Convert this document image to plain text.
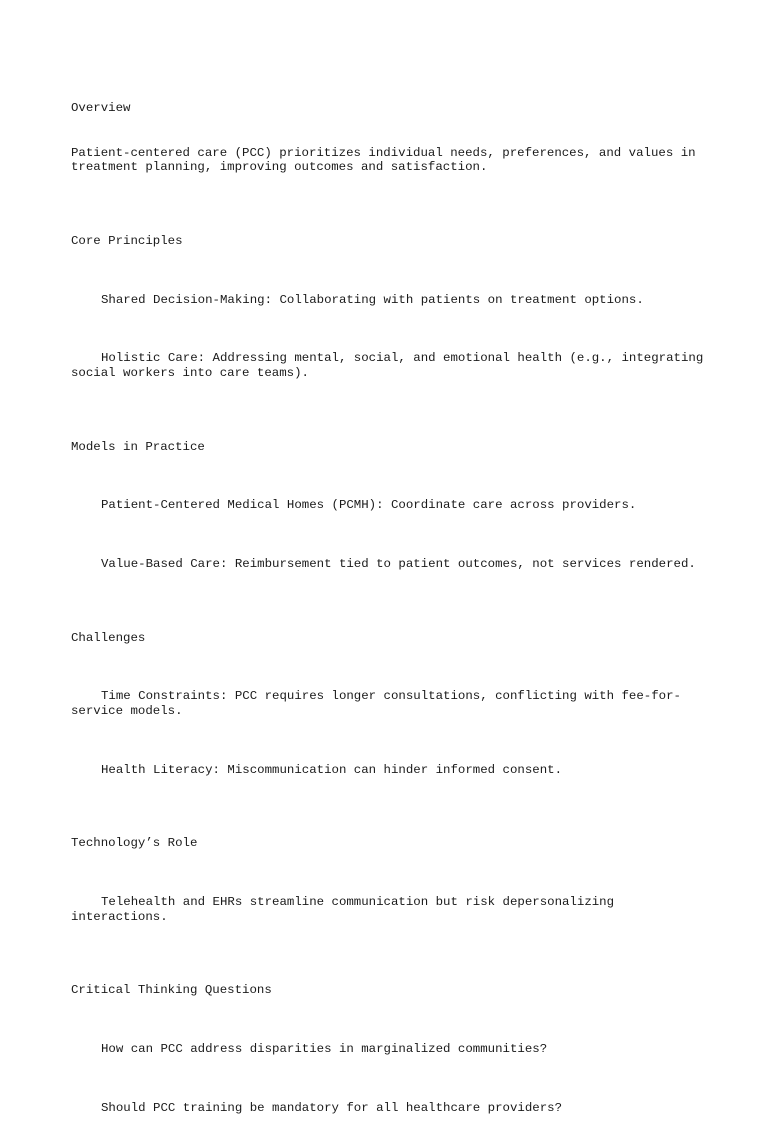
Overview

Patient-centered care (PCC) prioritizes individual needs, preferences, and values in treatment planning, improving outcomes and satisfaction.

Core Principles

Shared Decision-Making: Collaborating with patients on treatment options.

Holistic Care: Addressing mental, social, and emotional health (e.g., integrating social workers into care teams).

Models in Practice

Patient-Centered Medical Homes (PCMH): Coordinate care across providers.

Value-Based Care: Reimbursement tied to patient outcomes, not services rendered.

Challenges

Time Constraints: PCC requires longer consultations, conflicting with fee-for-service models.

Health Literacy: Miscommunication can hinder informed consent.

Technology’s Role

Telehealth and EHRs streamline communication but risk depersonalizing interactions.

Critical Thinking Questions

How can PCC address disparities in marginalized communities?

Should PCC training be mandatory for all healthcare providers?
